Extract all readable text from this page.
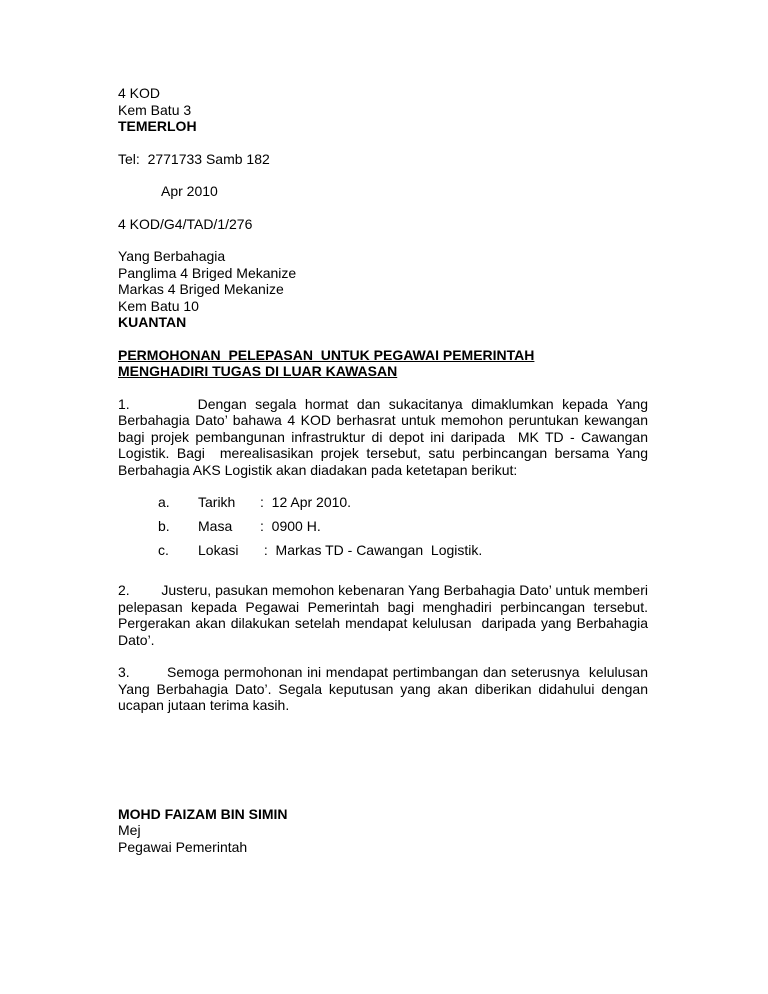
4 KOD
Kem Batu 3
TEMERLOH
Tel:  2771733 Samb 182
Apr 2010
4 KOD/G4/TAD/1/276
Yang Berbahagia
Panglima 4 Briged Mekanize
Markas 4 Briged Mekanize
Kem Batu 10
KUANTAN
PERMOHONAN  PELEPASAN  UNTUK PEGAWAI PEMERINTAH
MENGHADIRI TUGAS DI LUAR KAWASAN
1.        Dengan segala hormat dan sukacitanya dimaklumkan kepada Yang Berbahagia Dato’ bahawa 4 KOD berhasrat untuk memohon peruntukan kewangan bagi projek pembangunan infrastruktur di depot ini daripada  MK TD - Cawangan Logistik. Bagi  merealisasikan projek tersebut, satu perbincangan bersama Yang Berbahagia AKS Logistik akan diadakan pada ketetapan berikut:
a.	Tarikh	:  12 Apr 2010.
b.	Masa	:  0900 H.
c.	Lokasi	:  Markas TD - Cawangan  Logistik.
2.        Justeru, pasukan memohon kebenaran Yang Berbahagia Dato’ untuk memberi pelepasan kepada Pegawai Pemerintah bagi menghadiri perbincangan tersebut. Pergerakan akan dilakukan setelah mendapat kelulusan  daripada yang Berbahagia Dato’.
3.        Semoga permohonan ini mendapat pertimbangan dan seterusnya  kelulusan Yang Berbahagia Dato’. Segala keputusan yang akan diberikan didahului dengan ucapan jutaan terima kasih.
MOHD FAIZAM BIN SIMIN
Mej
Pegawai Pemerintah
